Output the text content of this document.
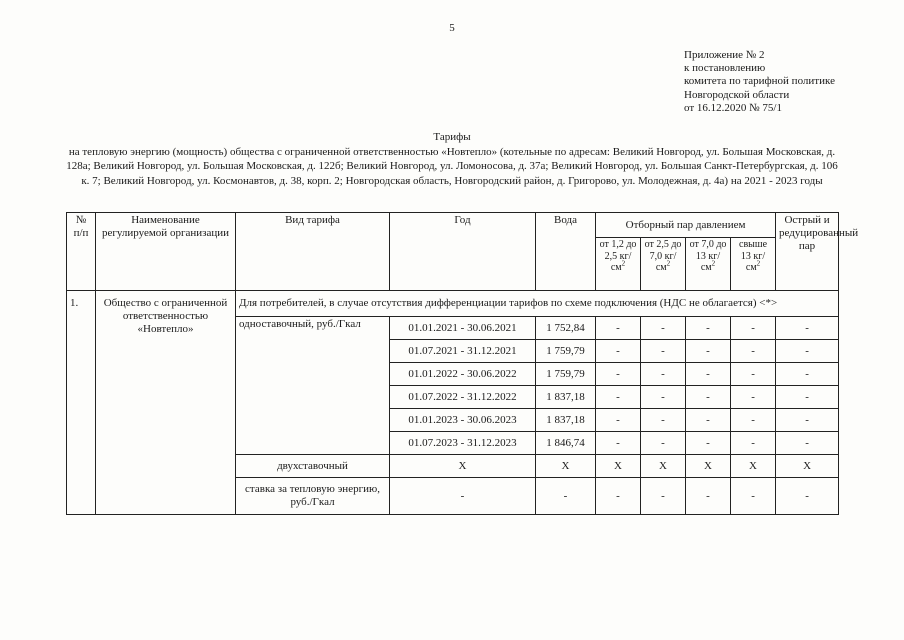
5
Приложение № 2
к постановлению
комитета по тарифной политике
Новгородской области
от 16.12.2020 № 75/1
Тарифы
на тепловую энергию (мощность) общества с ограниченной ответственностью «Новтепло» (котельные по адресам: Великий Новгород, ул. Большая Московская, д. 128а; Великий Новгород, ул. Большая Московская, д. 122б; Великий Новгород, ул. Ломоносова, д. 37а; Великий Новгород, ул. Большая Санкт-Петербургская, д. 106 к. 7; Великий Новгород, ул. Космонавтов, д. 38, корп. 2; Новгородская область, Новгородский район, д. Григорово, ул. Молодежная, д. 4а) на 2021 - 2023 годы
№ п/п	Наименование регулируемой организации	Вид тарифа	Год	Вода	Отборный пар давлением				Острый и редуцированный пар
					от 1,2 до 2,5 $кг/см^2$	от 2,5 до 7,0 $кг/см^2$	от 7,0 до 13 $кг/см^2$	свыше 13 $кг/см^2$
1.	Общество с ограниченной ответственностью «Новтепло»	Для потребителей, в случае отсутствия дифференциации тарифов по схеме подключения (НДС не облагается) <*>							
		одноставочный, руб./Гкал	01.01.2021 - 30.06.2021	1 752,84	-	-	-	-	-
			01.07.2021 - 31.12.2021	1 759,79	-	-	-	-	-
			01.01.2022 - 30.06.2022	1 759,79	-	-	-	-	-
			01.07.2022 - 31.12.2022	1 837,18	-	-	-	-	-
			01.01.2023 - 30.06.2023	1 837,18	-	-	-	-	-
			01.07.2023 - 31.12.2023	1 846,74	-	-	-	-	-
		двухставочный	X	X	X	X	X	X	X
		ставка за тепловую энергию, руб./Гкал	-	-	-	-	-	-	-
